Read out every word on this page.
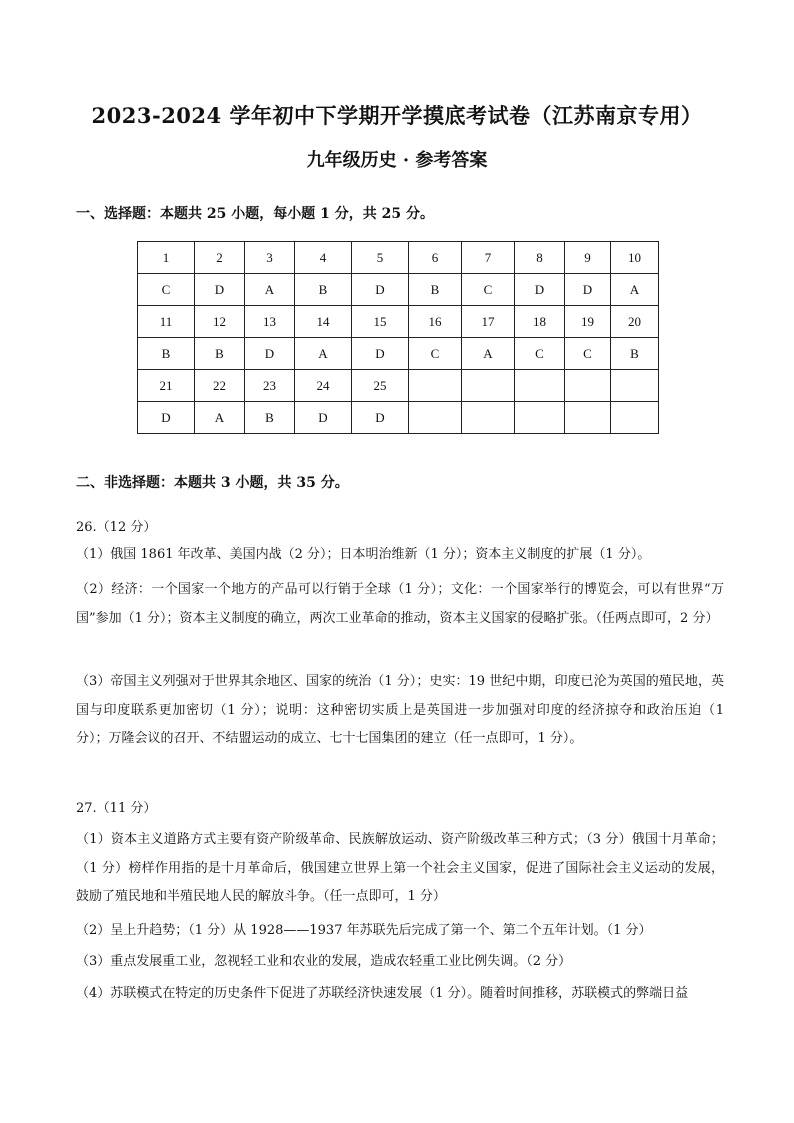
2023-2024 学年初中下学期开学摸底考试卷（江苏南京专用）
九年级历史 · 参考答案
一、选择题：本题共 25 小题，每小题 1 分，共 25 分。
1	2	3	4	5	6	7	8	9	10
C	D	A	B	D	B	C	D	D	A
11	12	13	14	15	16	17	18	19	20
B	B	D	A	D	C	A	C	C	B
21	22	23	24	25					
D	A	B	D	D					
二、非选择题：本题共 3 小题，共 35 分。
26.（12 分）
（1）俄国 1861 年改革、美国内战（2 分）；日本明治维新（1 分）；资本主义制度的扩展（1 分）。
（2）经济：一个国家一个地方的产品可以行销于全球（1 分）；文化：一个国家举行的博览会，可以有世界“万国”参加（1 分）；资本主义制度的确立，两次工业革命的推动，资本主义国家的侵略扩张。（任两点即可，2 分）
（3）帝国主义列强对于世界其余地区、国家的统治（1 分）；史实：19 世纪中期，印度已沦为英国的殖民地，英国与印度联系更加密切（1 分）；说明：这种密切实质上是英国进一步加强对印度的经济掠夺和政治压迫（1 分）；万隆会议的召开、不结盟运动的成立、七十七国集团的建立（任一点即可，1 分）。
27.（11 分）
（1）资本主义道路方式主要有资产阶级革命、民族解放运动、资产阶级改革三种方式；（3 分）俄国十月革命；（1 分）榜样作用指的是十月革命后，俄国建立世界上第一个社会主义国家，促进了国际社会主义运动的发展，鼓励了殖民地和半殖民地人民的解放斗争。（任一点即可，1 分）
（2）呈上升趋势；（1 分）从 1928——1937 年苏联先后完成了第一个、第二个五年计划。（1 分）
（3）重点发展重工业，忽视轻工业和农业的发展，造成农轻重工业比例失调。（2 分）
（4）苏联模式在特定的历史条件下促进了苏联经济快速发展（1 分）。随着时间推移，苏联模式的弊端日益
